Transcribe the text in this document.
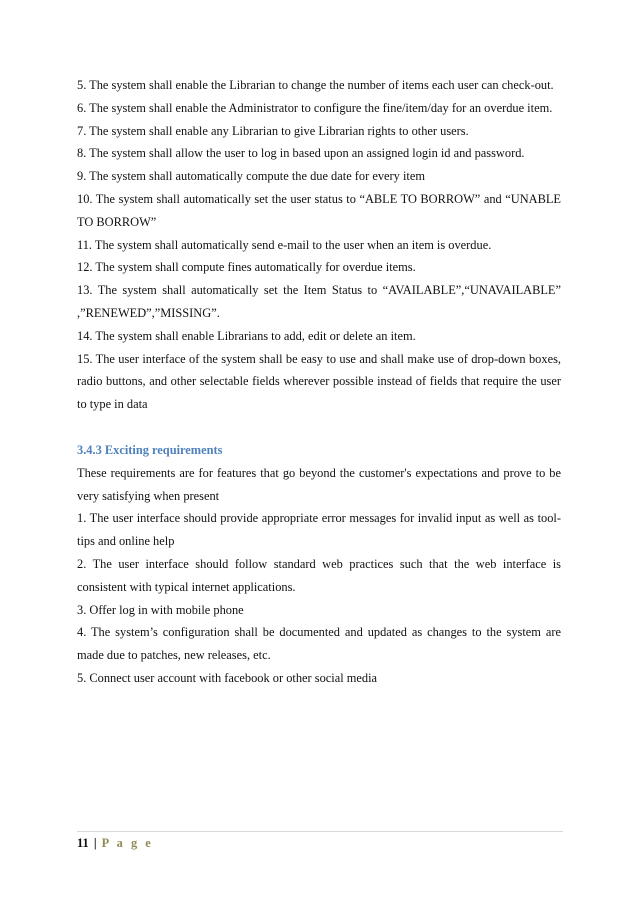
5. The system shall enable the Librarian to change the number of items each user can check-out.

6. The system shall enable the Administrator to configure the fine/item/day for an overdue item.

7. The system shall enable any Librarian to give Librarian rights to other users.

8. The system shall allow the user to log in based upon an assigned login id and password.

9. The system shall automatically compute the due date for every item

10. The system shall automatically set the user status to “ABLE TO BORROW” and “UNABLE TO BORROW”

11. The system shall automatically send e-mail to the user when an item is overdue.

12. The system shall compute fines automatically for overdue items.

13. The system shall automatically set the Item Status to “AVAILABLE”,“UNAVAILABLE” ,”RENEWED”,”MISSING”.

14. The system shall enable Librarians to add, edit or delete an item.

15. The user interface of the system shall be easy to use and shall make use of drop-down boxes, radio buttons, and other selectable fields wherever possible instead of fields that require the user to type in data

3.4.3 Exciting requirements

These requirements are for features that go beyond the customer's expectations and prove to be very satisfying when present

1. The user interface should provide appropriate error messages for invalid input as well as tool-tips and online help

2. The user interface should follow standard web practices such that the web interface is consistent with typical internet applications.

3. Offer log in with mobile phone

4. The system’s configuration shall be documented and updated as changes to the system are made due to patches, new releases, etc.

5. Connect user account with facebook or other social media

11 | P a g e
